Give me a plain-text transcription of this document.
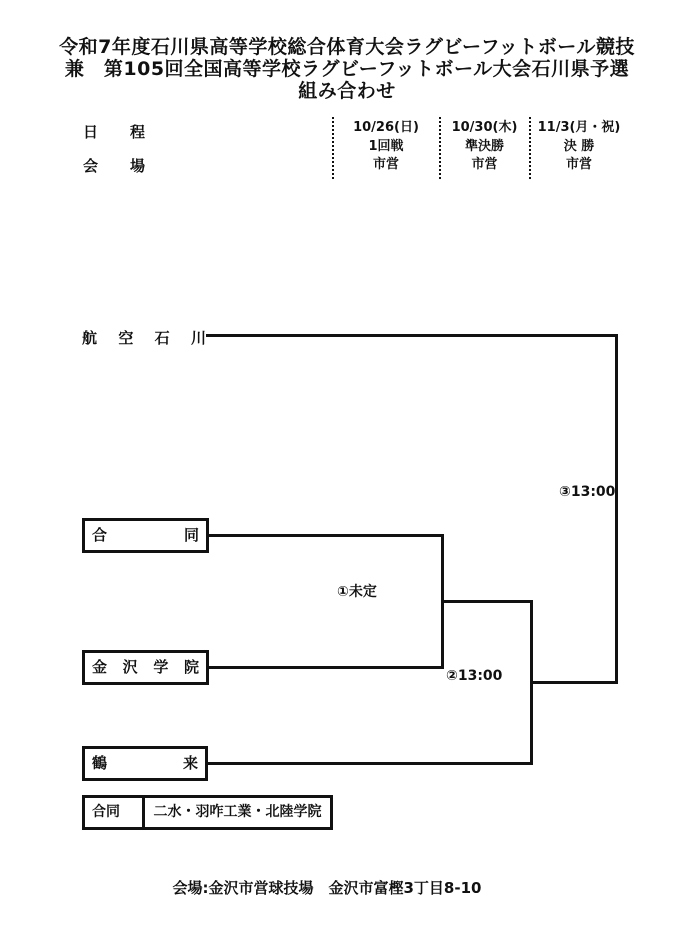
令和7年度石川県高等学校総合体育大会ラグビーフットボール競技
兼　第105回全国高等学校ラグビーフットボール大会石川県予選
組み合わせ
日程
会場
10/26(日)
1回戦
市営
10/30(木)
準決勝
市営
11/3(月・祝)
決 勝
市営
航空石川
合同
金沢学院
鶴来
①未定
②13:00
③13:00
合同	二水・羽咋工業・北陸学院
会場:金沢市営球技場　金沢市富樫3丁目8-10
